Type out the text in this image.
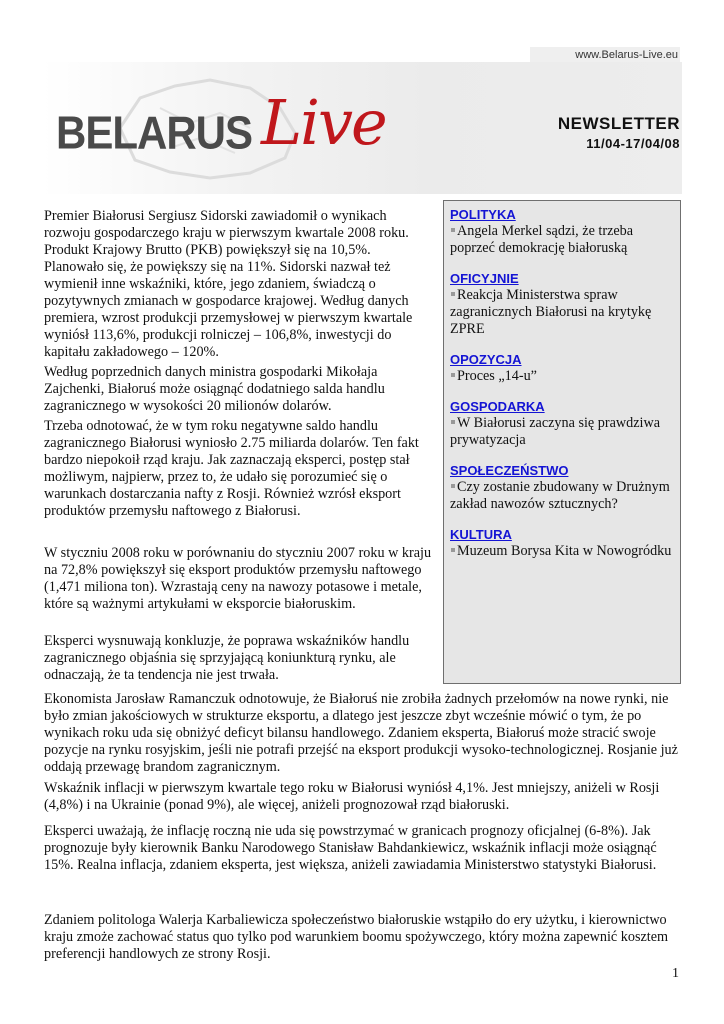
www.Belarus-Live.eu
BELARUS Live	NEWSLETTER
11/04-17/04/08

Premier Białorusi Sergiusz Sidorski zawiadomił o wynikach rozwoju gospodarczego kraju w pierwszym kwartale 2008 roku. Produkt Krajowy Brutto (PKB) powiększył się na 10,5%. Planowało się, że powiększy się na 11%. Sidorski nazwał też wymienił inne wskaźniki, które, jego zdaniem, świadczą o pozytywnych zmianach w gospodarce krajowej. Według danych premiera, wzrost produkcji przemysłowej w pierwszym kwartale wyniósł 113,6%, produkcji rolniczej – 106,8%, inwestycji do kapitału zakładowego – 120%.

Według poprzednich danych ministra gospodarki Mikołaja Zajchenki, Białoruś może osiągnąć dodatniego salda handlu zagranicznego w wysokości 20 milionów dolarów.

Trzeba odnotować, że w tym roku negatywne saldo handlu zagranicznego Białorusi wyniosło 2.75 miliarda dolarów. Ten fakt bardzo niepokoił rząd kraju. Jak zaznaczają eksperci, postęp stał możliwym, najpierw, przez to, że udało się porozumieć się o warunkach dostarczania nafty z Rosji. Również wzrósł eksport produktów przemysłu naftowego z Białorusi.

W styczniu 2008 roku w porównaniu do styczniu 2007 roku w kraju na 72,8% powiększył się eksport produktów przemysłu naftowego (1,471 miliona ton). Wzrastają ceny na nawozy potasowe i metale, które są ważnymi artykułami w eksporcie białoruskim.

Eksperci wysnuwają konkluzje, że poprawa wskaźników handlu zagranicznego objaśnia się sprzyjającą koniunkturą rynku, ale odnaczają, że ta tendencja nie jest trwała.

Ekonomista Jarosław Ramanczuk odnotowuje, że Białoruś nie zrobiła żadnych przełomów na nowe rynki, nie było zmian jakościowych w strukturze eksportu, a dlatego jest jeszcze zbyt wcześnie mówić o tym, że po wynikach roku uda się obniżyć deficyt bilansu handlowego. Zdaniem eksperta, Białoruś może stracić swoje pozycje na rynku rosyjskim, jeśli nie potrafi przejść na eksport produkcji wysoko-technologicznej. Rosjanie już oddają przewagę brandom zagranicznym.

Wskaźnik inflacji w pierwszym kwartale tego roku w Białorusi wyniósł 4,1%. Jest mniejszy, aniżeli w Rosji (4,8%) i na Ukrainie (ponad 9%), ale więcej, aniżeli prognozował rząd białoruski.

Eksperci uważają, że inflację roczną nie uda się powstrzymać w granicach prognozy oficjalnej (6-8%). Jak prognozuje były kierownik Banku Narodowego Stanisław Bahdankiewicz, wskaźnik inflacji może osiągnąć 15%. Realna inflacja, zdaniem eksperta, jest większa, aniżeli zawiadamia Ministerstwo statystyki Białorusi.

Zdaniem politologa Walerja Karbaliewicza społeczeństwo białoruskie wstąpiło do ery użytku, i kierownictwo kraju zmoże zachować status quo tylko pod warunkiem boomu spożywczego, który można zapewnić kosztem preferencji handlowych ze strony Rosji.

POLITYKA
Angela Merkel sądzi, że trzeba poprzeć demokrację białoruską
OFICYJNIE
Reakcja Ministerstwa spraw zagranicznych Białorusi na krytykę ZPRE
OPOZYCJA
Proces „14-u”
GOSPODARKA
W Białorusi zaczyna się prawdziwa prywatyzacja
SPOŁECZEŃSTWO
Czy zostanie zbudowany w Drużnym zakład nawozów sztucznych?
KULTURA
Muzeum Borysa Kita w Nowogródku
1
